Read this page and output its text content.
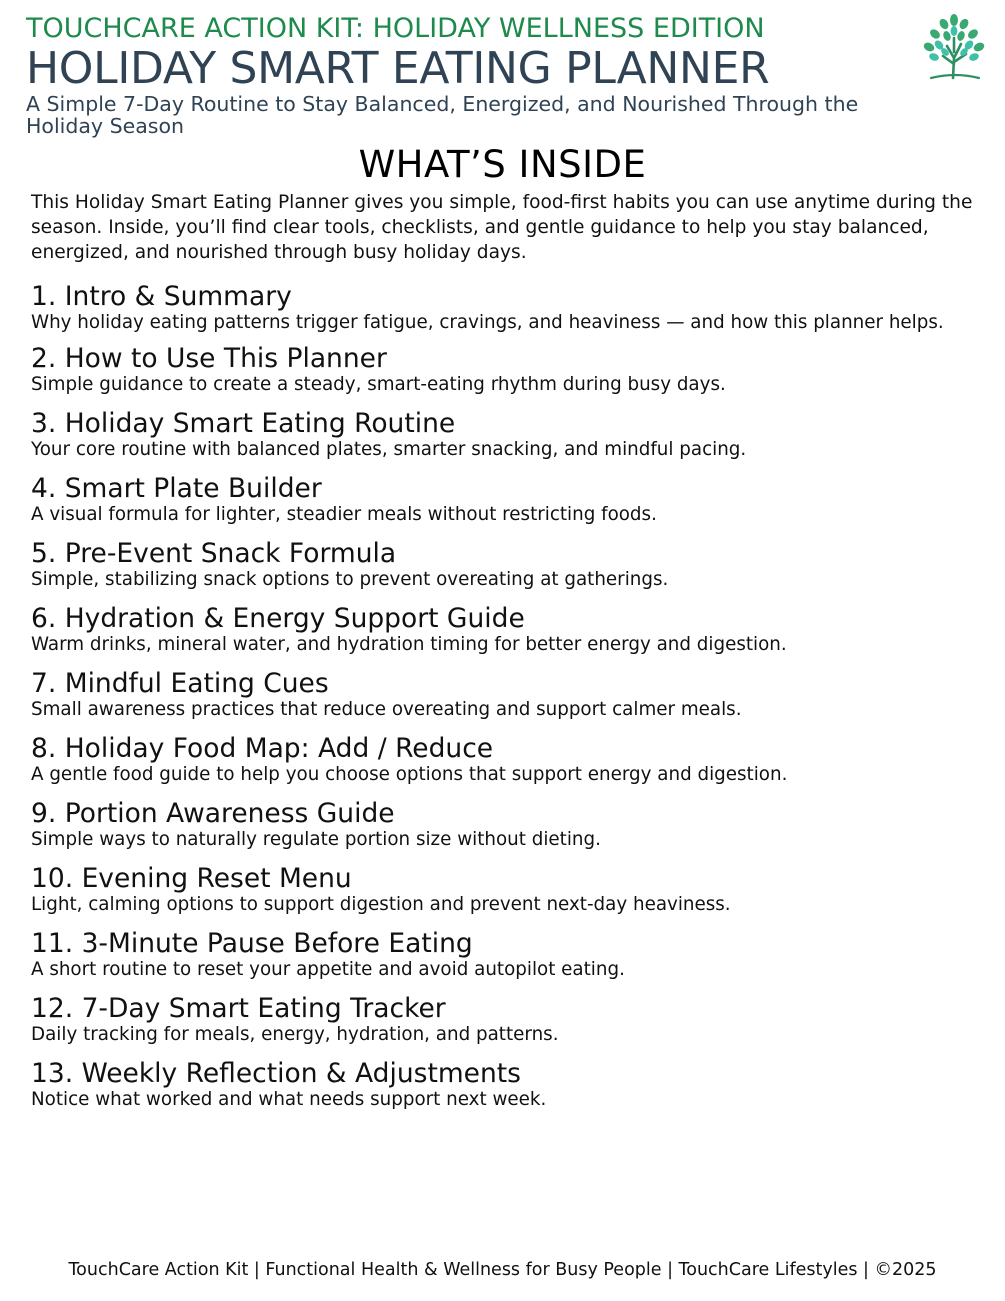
TOUCHCARE ACTION KIT: HOLIDAY WELLNESS EDITION
HOLIDAY SMART EATING PLANNER
A Simple 7-Day Routine to Stay Balanced, Energized, and Nourished Through the Holiday Season
WHAT’S INSIDE
This Holiday Smart Eating Planner gives you simple, food-first habits you can use anytime during the season. Inside, you’ll find clear tools, checklists, and gentle guidance to help you stay balanced, energized, and nourished through busy holiday days.
1. Intro & Summary
Why holiday eating patterns trigger fatigue, cravings, and heaviness — and how this planner helps.
2. How to Use This Planner
Simple guidance to create a steady, smart-eating rhythm during busy days.
3. Holiday Smart Eating Routine
Your core routine with balanced plates, smarter snacking, and mindful pacing.
4. Smart Plate Builder
A visual formula for lighter, steadier meals without restricting foods.
5. Pre-Event Snack Formula
Simple, stabilizing snack options to prevent overeating at gatherings.
6. Hydration & Energy Support Guide
Warm drinks, mineral water, and hydration timing for better energy and digestion.
7. Mindful Eating Cues
Small awareness practices that reduce overeating and support calmer meals.
8. Holiday Food Map: Add / Reduce
A gentle food guide to help you choose options that support energy and digestion.
9. Portion Awareness Guide
Simple ways to naturally regulate portion size without dieting.
10. Evening Reset Menu
Light, calming options to support digestion and prevent next-day heaviness.
11. 3-Minute Pause Before Eating
A short routine to reset your appetite and avoid autopilot eating.
12. 7-Day Smart Eating Tracker
Daily tracking for meals, energy, hydration, and patterns.
13. Weekly Reflection & Adjustments
Notice what worked and what needs support next week.
TouchCare Action Kit | Functional Health & Wellness for Busy People | TouchCare Lifestyles | ©2025
